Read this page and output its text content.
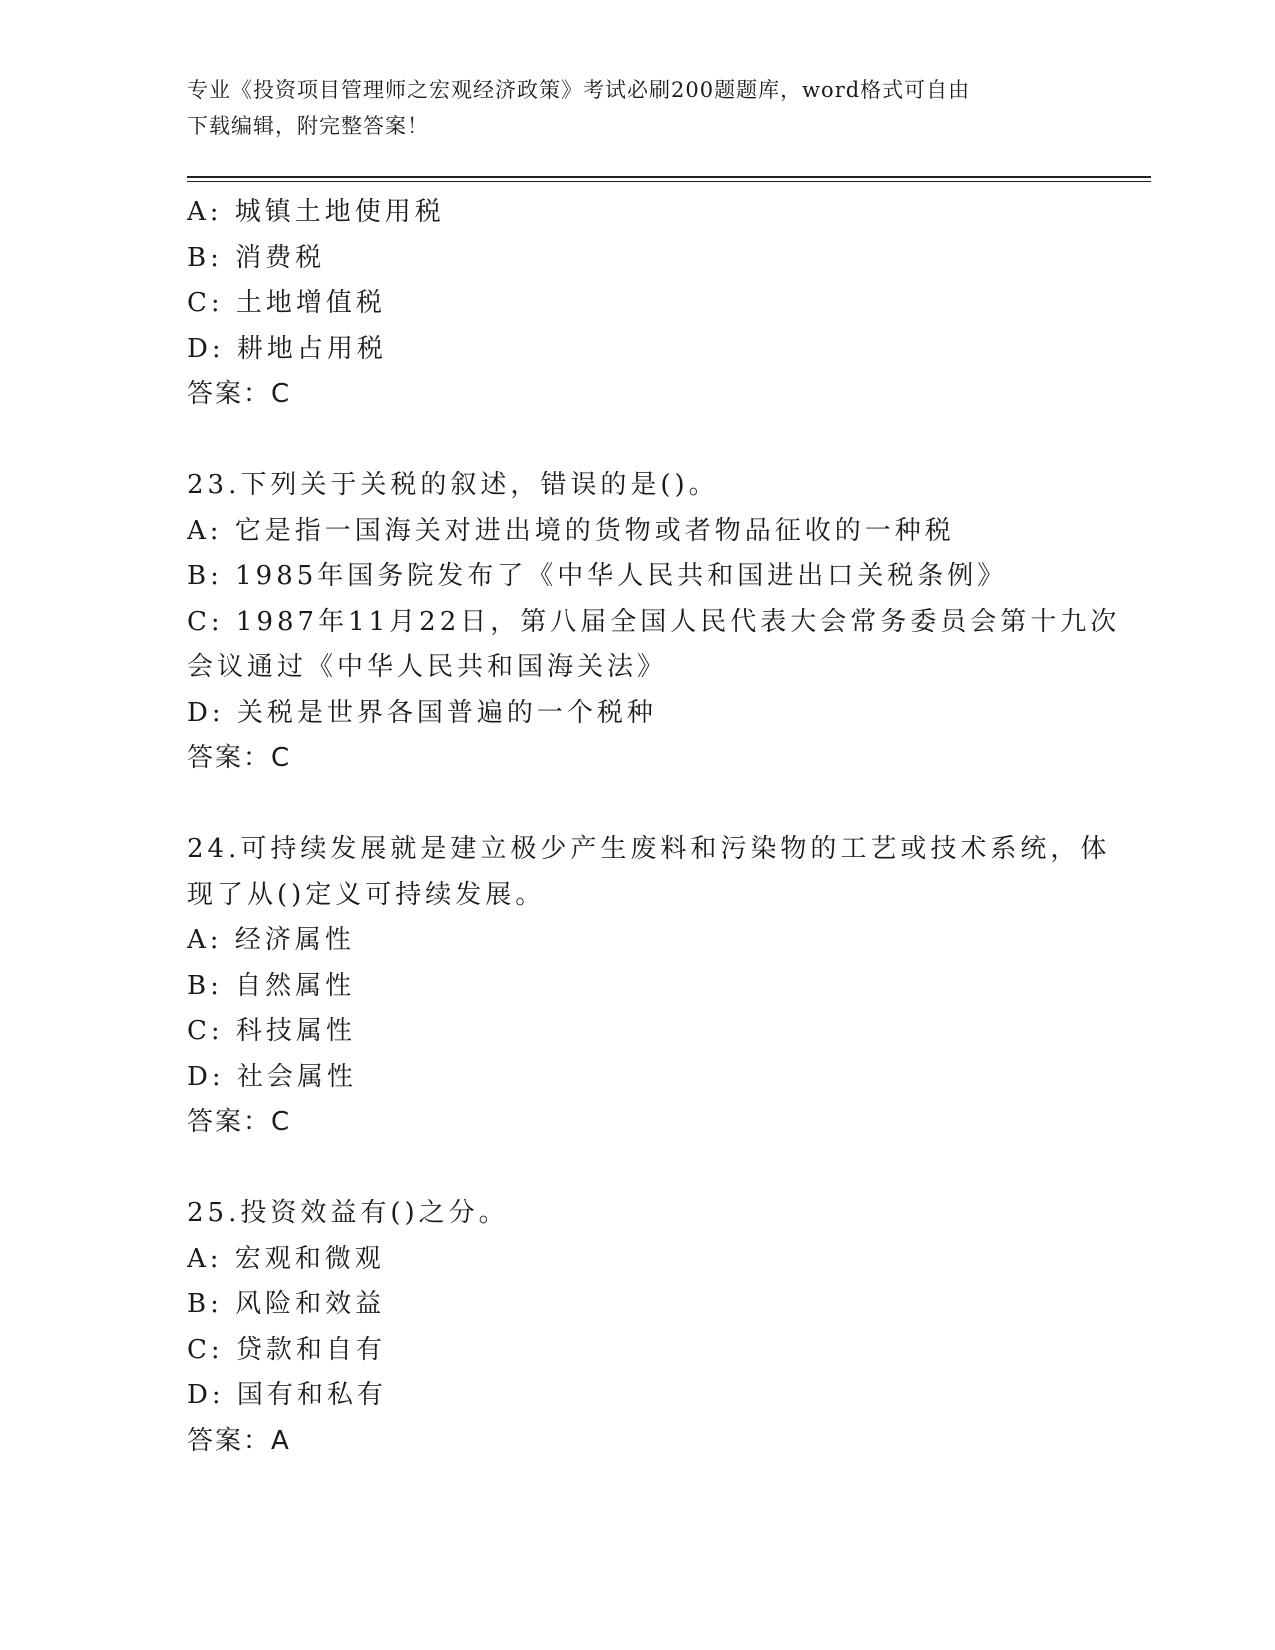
专业《投资项目管理师之宏观经济政策》考试必刷200题题库，word格式可自由
下载编辑，附完整答案！
A: 城镇土地使用税
B: 消费税
C: 土地增值税
D: 耕地占用税
答案：C
23.下列关于关税的叙述，错误的是()。
A: 它是指一国海关对进出境的货物或者物品征收的一种税
B: 1985年国务院发布了《中华人民共和国进出口关税条例》
C: 1987年11月22日，第八届全国人民代表大会常务委员会第十九次
会议通过《中华人民共和国海关法》
D: 关税是世界各国普遍的一个税种
答案：C
24.可持续发展就是建立极少产生废料和污染物的工艺或技术系统，体
现了从()定义可持续发展。
A: 经济属性
B: 自然属性
C: 科技属性
D: 社会属性
答案：C
25.投资效益有()之分。
A: 宏观和微观
B: 风险和效益
C: 贷款和自有
D: 国有和私有
答案：A
